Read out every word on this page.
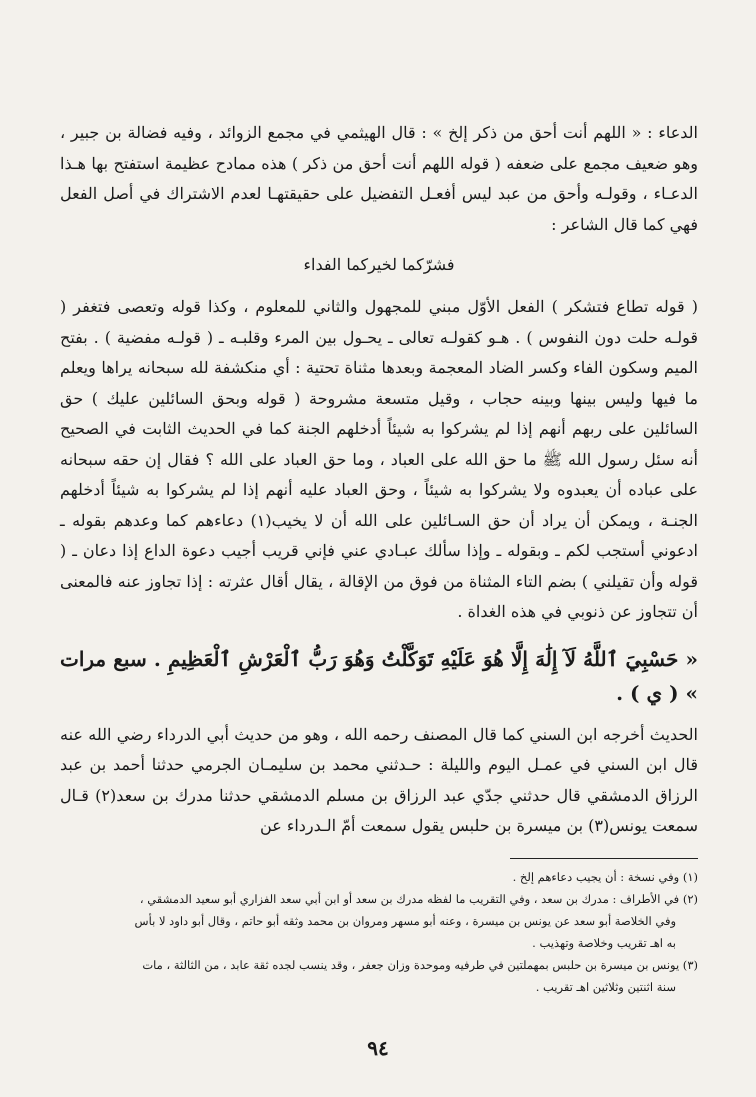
الدعاء : « اللهم أنت أحق من ذكر إلخ » : قال الهيثمي في مجمع الزوائد ، وفيه فضالة بن جبير ، وهو ضعيف مجمع على ضعفه ( قوله اللهم أنت أحق من ذكر ) هذه ممادح عظيمة استفتح بها هـذا الدعـاء ، وقولـه وأحق من عبد ليس أفعـل التفضيل على حقيقتهـا لعدم الاشتراك في أصل الفعل فهي كما قال الشاعر :

فشرّكما لخيركما الفداء

( قوله تطاع فتشكر ) الفعل الأوّل مبني للمجهول والثاني للمعلوم ، وكذا قوله وتعصى فتغفر ( قولـه حلت دون النفوس ) . هـو كقولـه تعالى ـ يحـول بين المرء وقلبـه ـ ( قولـه مفضية ) . بفتح الميم وسكون الفاء وكسر الضاد المعجمة وبعدها مثناة تحتية : أي منكشفة لله سبحانه يراها ويعلم ما فيها وليس بينها وبينه حجاب ، وقيل متسعة مشروحة ( قوله وبحق السائلين عليك ) حق السائلين على ربهم أنهم إذا لم يشركوا به شيئاً أدخلهم الجنة كما في الحديث الثابت في الصحيح أنه سئل رسول الله ﷺ ما حق الله على العباد ، وما حق العباد على الله ؟ فقال إن حقه سبحانه على عباده أن يعبدوه ولا يشركوا به شيئاً ، وحق العباد عليه أنهم إذا لم يشركوا به شيئاً أدخلهم الجنـة ، ويمكن أن يراد أن حق السـائلين على الله أن لا يخيب(١) دعاءهم كما وعدهم بقوله ـ ادعوني أستجب لكم ـ وبقوله ـ وإذا سألك عبـادي عني فإني قريب أجيب دعوة الداع إذا دعان ـ ( قوله وأن تقيلني ) بضم التاء المثناة من فوق من الإقالة ، يقال أقال عثرته : إذا تجاوز عنه فالمعنى أن تتجاوز عن ذنوبي في هذه الغداة .

« حَسْبِيَ ٱللَّهُ لَآ إِلَٰهَ إِلَّا هُوَ عَلَيْهِ تَوَكَّلْتُ وَهُوَ رَبُّ ٱلْعَرْشِ ٱلْعَظِيمِ . سبع مرات » ( ي ) .

الحديث أخرجه ابن السني كما قال المصنف رحمه الله ، وهو من حديث أبي الدرداء رضي الله عنه قال ابن السني في عمـل اليوم والليلة : حـدثني محمد بن سليمـان الجرمي حدثنا أحمد بن عبد الرزاق الدمشقي قال حدثني جدّي عبد الرزاق بن مسلم الدمشقي حدثنا مدرك بن سعد(٢) قـال سمعت يونس(٣) بن ميسرة بن حلبس يقول سمعت أمّ الـدرداء عن

(١) وفي نسخة : أن يجيب دعاءهم إلخ .

(٢) في الأطراف : مدرك بن سعد ، وفي التقريب ما لفظه مدرك بن سعد أو ابن أبي سعد الفزاري أبو سعيد الدمشقي ،

وفي الخلاصة أبو سعد عن يونس بن ميسرة ، وعنه أبو مسهر ومروان بن محمد وثقه أبو حاتم ، وقال أبو داود لا بأس

به اهـ تقريب وخلاصة وتهذيب .

(٣) يونس بن ميسرة بن حلبس بمهملتين في طرفيه وموحدة وزان جعفر ، وقد ينسب لجده ثقة عابد ، من الثالثة ، مات

سنة اثنتين وثلاثين اهـ تقريب .

٩٤
